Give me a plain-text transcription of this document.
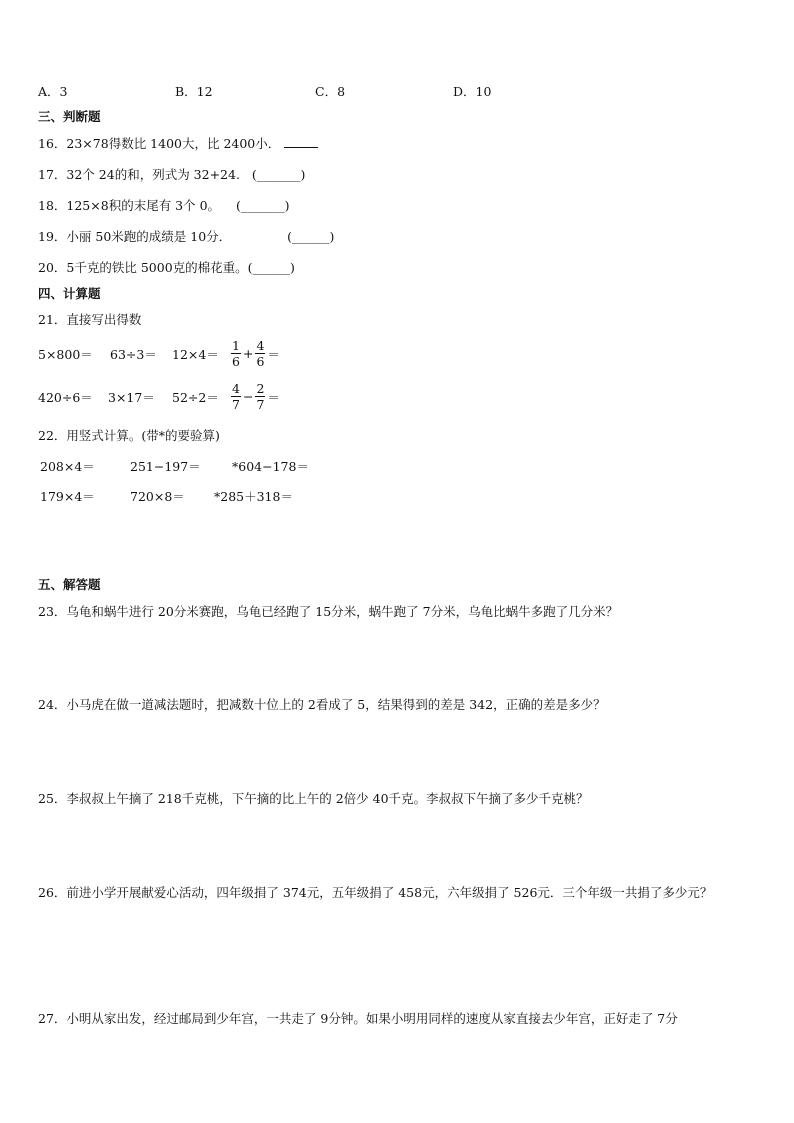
A．3	B．12	C．8	D．10
三、判断题
16．23×78得数比 1400大，比 2400小．
17．32个 24的和，列式为 32+24. (_______)
18．125×8积的末尾有 3个 0。 (_______)
19．小丽 50米跑的成绩是 10分．	(______)
20．5千克的铁比 5000克的棉花重。(______)
四、计算题
21．直接写出得数
$5\times 800= 63\div 3= 12\times 4= \frac{1}{6} + \frac{4}{6}$ ＝
$420\div 6= 3\times 17= 52\div 2= \frac{4}{7} - \frac{2}{7}$ ＝
22．用竖式计算。(带*的要验算)
208×4＝	251−197＝	*604−178＝
179×4＝	720×8＝ *285＋318＝
五、解答题
23．乌龟和蜗牛进行 20分米赛跑，乌龟已经跑了 15分米，蜗牛跑了 7分米，乌龟比蜗牛多跑了几分米？
24．小马虎在做一道减法题时，把减数十位上的 2看成了 5，结果得到的差是 342，正确的差是多少？
25．李叔叔上午摘了 218千克桃，下午摘的比上午的 2倍少 40千克。李叔叔下午摘了多少千克桃？
26．前进小学开展献爱心活动，四年级捐了 374元，五年级捐了 458元，六年级捐了 526元．三个年级一共捐了多少元？
27．小明从家出发，经过邮局到少年宫，一共走了 9分钟。如果小明用同样的速度从家直接去少年宫，正好走了 7分
